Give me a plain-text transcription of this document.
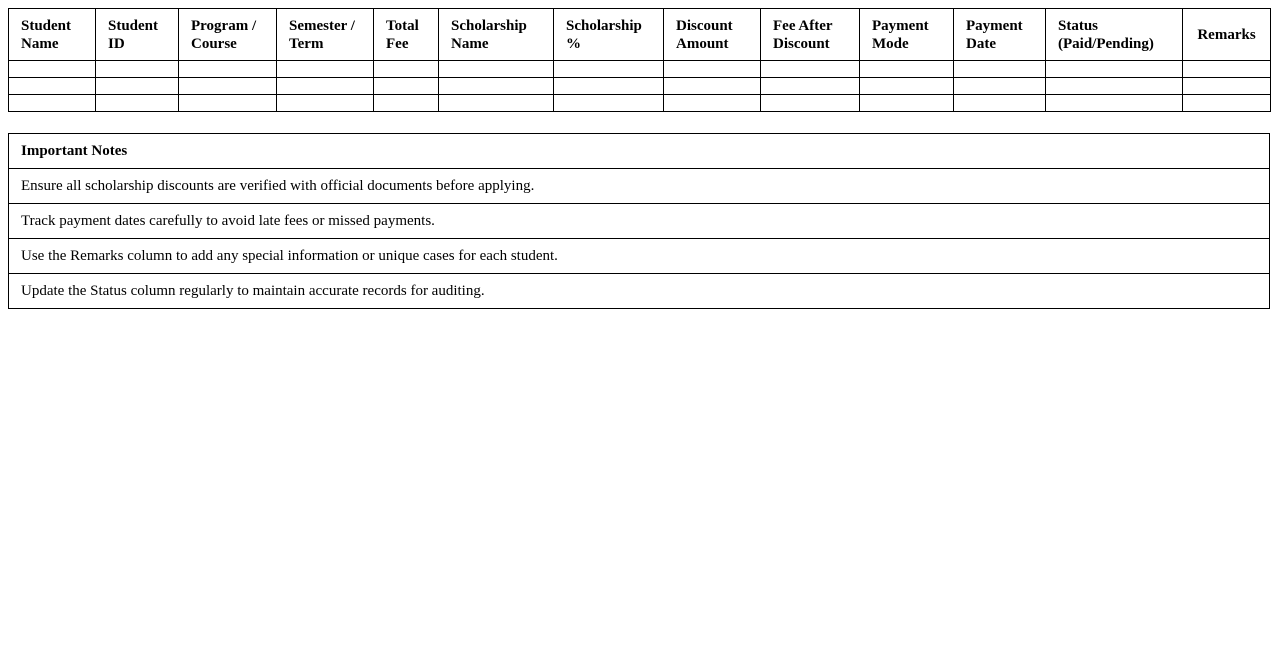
Student Name	Student ID	Program / Course	Semester / Term	Total Fee	Scholarship Name	Scholarship %	Discount Amount	Fee After Discount	Payment Mode	Payment Date	Status (Paid/Pending)	Remarks

Important Notes
Ensure all scholarship discounts are verified with official documents before applying.
Track payment dates carefully to avoid late fees or missed payments.
Use the Remarks column to add any special information or unique cases for each student.
Update the Status column regularly to maintain accurate records for auditing.
